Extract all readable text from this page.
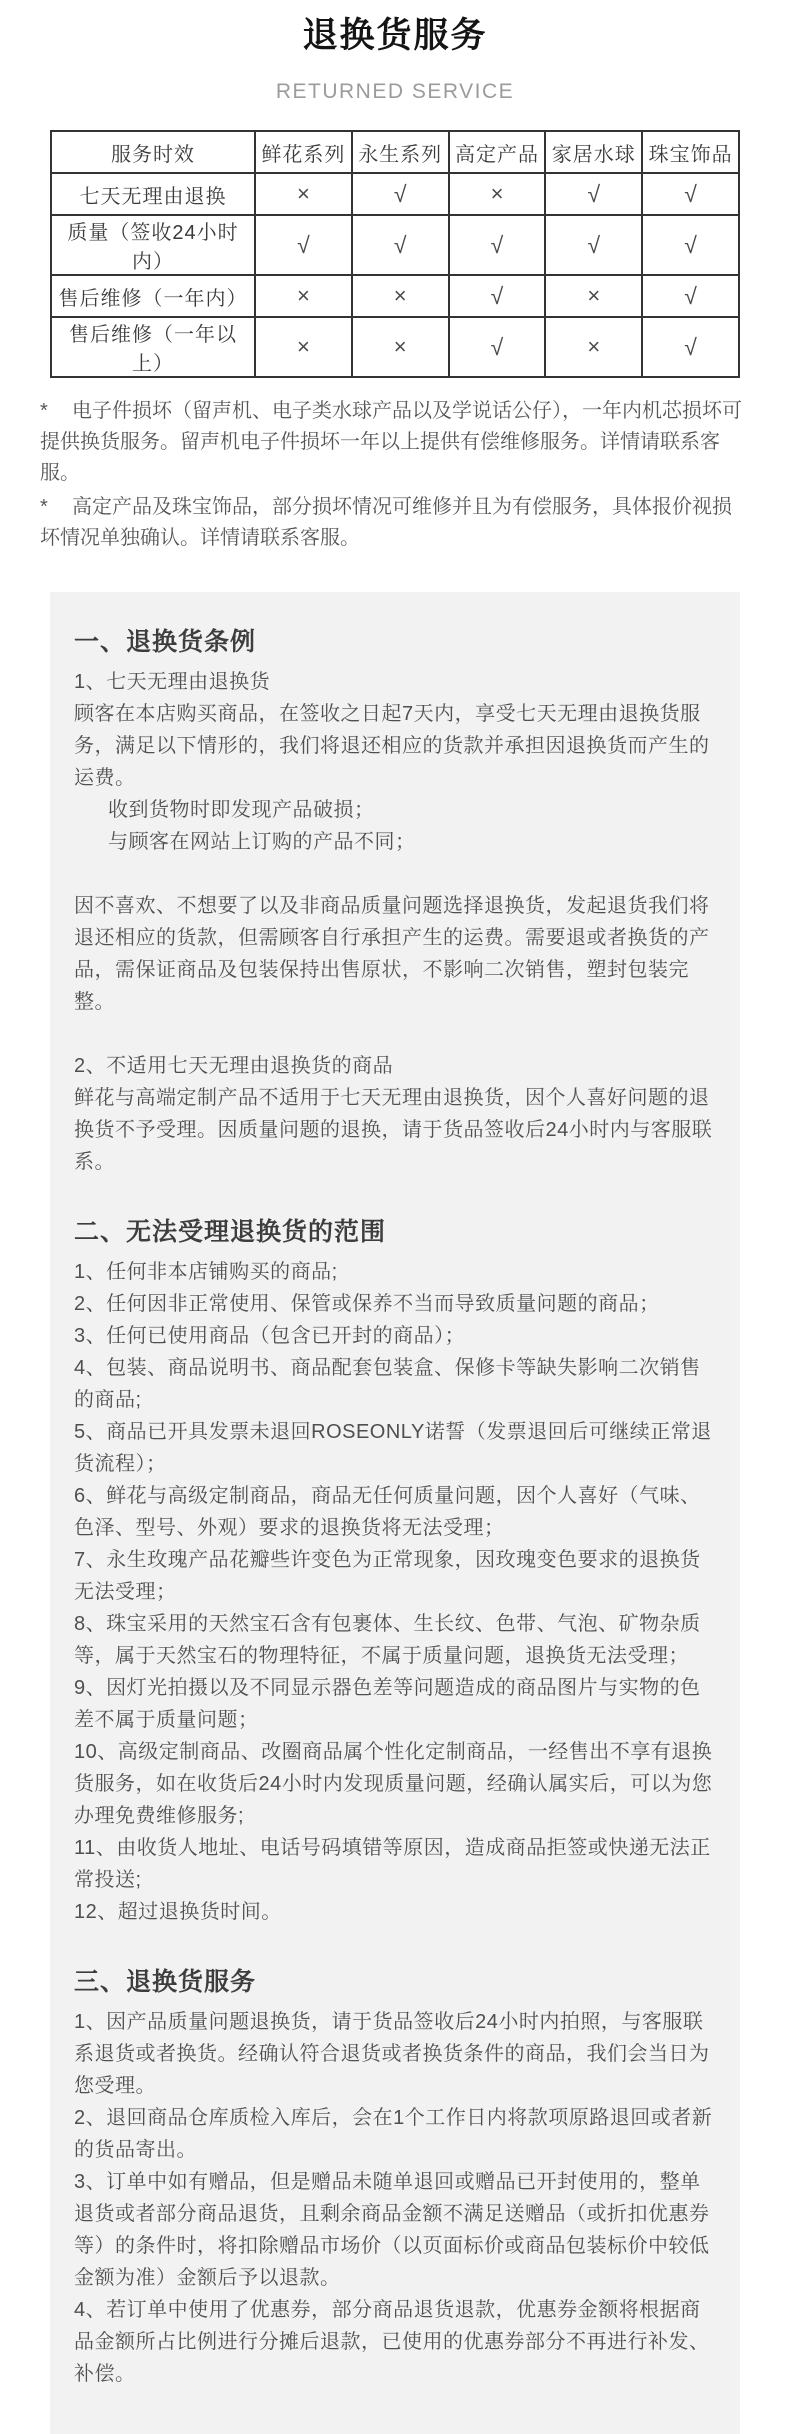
退换货服务
RETURNED SERVICE
服务时效	鲜花系列	永生系列	高定产品	家居水球	珠宝饰品
七天无理由退换	×	√	×	√	√
质量（签收24小时内）	√	√	√	√	√
售后维修（一年内）	×	×	√	×	√
售后维修（一年以上）	×	×	√	×	√

* 电子件损坏（留声机、电子类水球产品以及学说话公仔），一年内机芯损坏可提供换货服务。留声机电子件损坏一年以上提供有偿维修服务。详情请联系客服。

* 高定产品及珠宝饰品，部分损坏情况可维修并且为有偿服务，具体报价视损坏情况单独确认。详情请联系客服。

一、退换货条例

1、七天无理由退换货

顾客在本店购买商品，在签收之日起7天内，享受七天无理由退换货服务，满足以下情形的，我们将退还相应的货款并承担因退换货而产生的运费。

收到货物时即发现产品破损；

与顾客在网站上订购的产品不同；

因不喜欢、不想要了以及非商品质量问题选择退换货，发起退货我们将退还相应的货款，但需顾客自行承担产生的运费。需要退或者换货的产品，需保证商品及包装保持出售原状，不影响二次销售，塑封包装完整。

2、不适用七天无理由退换货的商品

鲜花与高端定制产品不适用于七天无理由退换货，因个人喜好问题的退换货不予受理。因质量问题的退换，请于货品签收后24小时内与客服联系。

二、无法受理退换货的范围

1、任何非本店铺购买的商品;

2、任何因非正常使用、保管或保养不当而导致质量问题的商品；

3、任何已使用商品（包含已开封的商品）；

4、包装、商品说明书、商品配套包装盒、保修卡等缺失影响二次销售的商品;

5、商品已开具发票未退回ROSEONLY诺誓（发票退回后可继续正常退货流程）；

6、鲜花与高级定制商品，商品无任何质量问题，因个人喜好（气味、色泽、型号、外观）要求的退换货将无法受理；

7、永生玫瑰产品花瓣些许变色为正常现象，因玫瑰变色要求的退换货无法受理；

8、珠宝采用的天然宝石含有包裹体、生长纹、色带、气泡、矿物杂质等，属于天然宝石的物理特征，不属于质量问题，退换货无法受理；

9、因灯光拍摄以及不同显示器色差等问题造成的商品图片与实物的色差不属于质量问题；

10、高级定制商品、改圈商品属个性化定制商品，一经售出不享有退换货服务，如在收货后24小时内发现质量问题，经确认属实后，可以为您办理免费维修服务;

11、由收货人地址、电话号码填错等原因，造成商品拒签或快递无法正常投送;

12、超过退换货时间。

三、退换货服务

1、因产品质量问题退换货，请于货品签收后24小时内拍照，与客服联系退货或者换货。经确认符合退货或者换货条件的商品，我们会当日为您受理。

2、退回商品仓库质检入库后，会在1个工作日内将款项原路退回或者新的货品寄出。

3、订单中如有赠品，但是赠品未随单退回或赠品已开封使用的，整单退货或者部分商品退货，且剩余商品金额不满足送赠品（或折扣优惠券等）的条件时，将扣除赠品市场价（以页面标价或商品包装标价中较低金额为准）金额后予以退款。

4、若订单中使用了优惠券，部分商品退货退款，优惠券金额将根据商品金额所占比例进行分摊后退款，已使用的优惠券部分不再进行补发、补偿。
